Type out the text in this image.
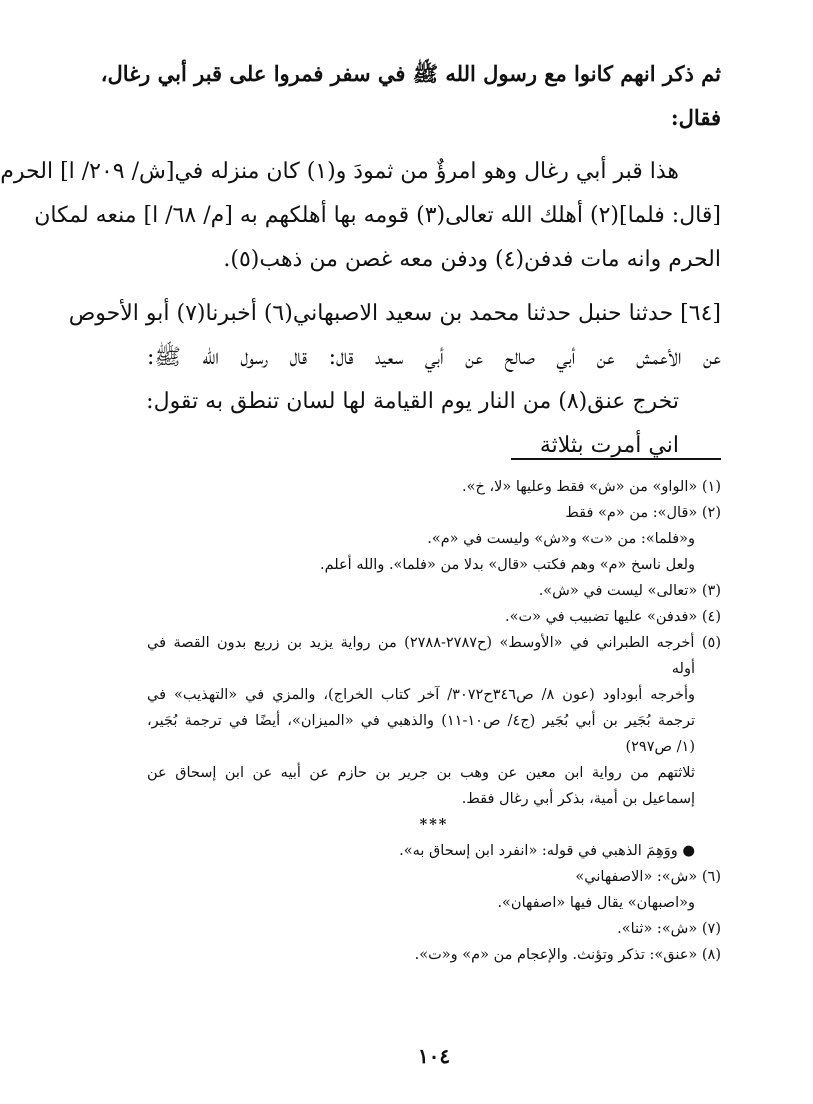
ثم ذكر انهم كانوا مع رسول الله ﷺ في سفر فمروا على قبر أبي رغال،
فقال:
هذا قبر أبي رغال وهو امرؤٌ من ثمودَ و(١) كان منزله في[ش/ ٢٠٩/ ا] الحرم
[قال: فلما](٢) أهلك الله تعالى(٣) قومه بها أهلكهم به [م/ ٦٨/ ا] منعه لمكان
الحرم وانه مات فدفن(٤) ودفن معه غصن من ذهب(٥).
[٦٤] حدثنا حنبل حدثنا محمد بن سعيد الاصبهاني(٦) أخبرنا(٧) أبو الأحوص
عن الأعمش عن أبي صالح عن أبي سعيد قال: قال رسول الله ﷺ:
تخرج عنق(٨) من النار يوم القيامة لها لسان تنطق به تقول:
اني أمرت بثلاثة
(١) «الواو» من «ش» فقط وعليها «لا، خ».
(٢) «قال»: من «م» فقط
و«فلما»: من «ت» و«ش» وليست في «م».
ولعل ناسخ «م» وهم فكتب «قال» بدلا من «فلما». والله أعلم.
(٣) «تعالى» ليست في «ش».
(٤) «فدفن» عليها تضبيب في «ت».
(٥) أخرجه الطبراني في «الأوسط» (ح٢٧٨٧-٢٧٨٨) من رواية يزيد بن زريع بدون القصة في
أوله
وأخرجه أبوداود (عون ٨/ ص٣٤٦ح٣٠٧٢/ آخر كتاب الخراج)، والمزي في «التهذيب» في
ترجمة بُجَير بن أبي بُجَير (ج٤/ ص١٠-١١) والذهبي في «الميزان»، أيضًا في ترجمة بُجَير،
(١/ ص٢٩٧)
ثلاثتهم من رواية ابن معين عن وهب بن جرير بن حازم عن أبيه عن ابن إسحاق عن
إسماعيل بن أمية، بذكر أبي رغال فقط.
***
● ووَهِمَ الذهبي في قوله: «انفرد ابن إسحاق به».
(٦) «ش»: «الاصفهاني»
و«اصبهان» يقال فيها «اصفهان».
(٧) «ش»: «ثنا».
(٨) «عنق»: تذكر وتؤنث. والإعجام من «م» و«ت».
١٠٤
